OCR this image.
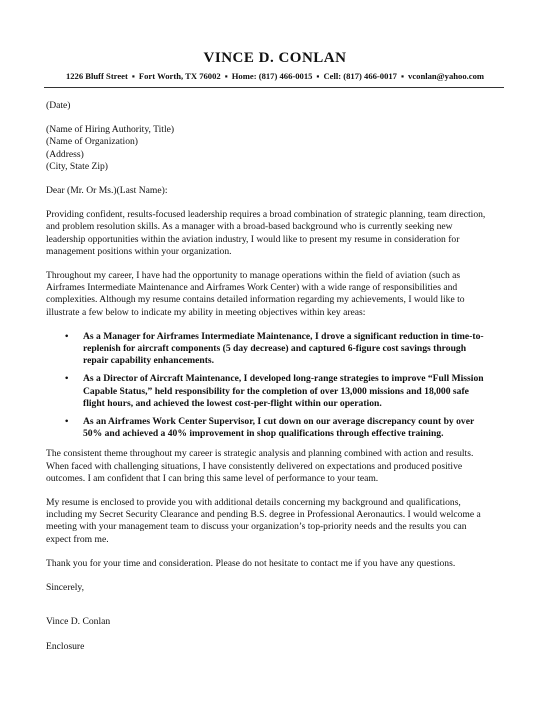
VINCE D. CONLAN
1226 Bluff Street ▪ Fort Worth, TX 76002 ▪ Home: (817) 466-0015 ▪ Cell: (817) 466-0017 ▪ vconlan@yahoo.com
(Date)
(Name of Hiring Authority, Title)
(Name of Organization)
(Address)
(City, State Zip)
Dear (Mr. Or Ms.)(Last Name):
Providing confident, results-focused leadership requires a broad combination of strategic planning, team direction,
and problem resolution skills. As a manager with a broad-based background who is currently seeking new
leadership opportunities within the aviation industry, I would like to present my resume in consideration for
management positions within your organization.
Throughout my career, I have had the opportunity to manage operations within the field of aviation (such as
Airframes Intermediate Maintenance and Airframes Work Center) with a wide range of responsibilities and
complexities. Although my resume contains detailed information regarding my achievements, I would like to
illustrate a few below to indicate my ability in meeting objectives within key areas:
• As a Manager for Airframes Intermediate Maintenance, I drove a significant reduction in time-to-
replenish for aircraft components (5 day decrease) and captured 6-figure cost savings through
repair capability enhancements.
• As a Director of Aircraft Maintenance, I developed long-range strategies to improve “Full Mission
Capable Status,” held responsibility for the completion of over 13,000 missions and 18,000 safe
flight hours, and achieved the lowest cost-per-flight within our operation.
• As an Airframes Work Center Supervisor, I cut down on our average discrepancy count by over
50% and achieved a 40% improvement in shop qualifications through effective training.
The consistent theme throughout my career is strategic analysis and planning combined with action and results.
When faced with challenging situations, I have consistently delivered on expectations and produced positive
outcomes. I am confident that I can bring this same level of performance to your team.
My resume is enclosed to provide you with additional details concerning my background and qualifications,
including my Secret Security Clearance and pending B.S. degree in Professional Aeronautics. I would welcome a
meeting with your management team to discuss your organization’s top-priority needs and the results you can
expect from me.
Thank you for your time and consideration. Please do not hesitate to contact me if you have any questions.
Sincerely,
Vince D. Conlan
Enclosure
